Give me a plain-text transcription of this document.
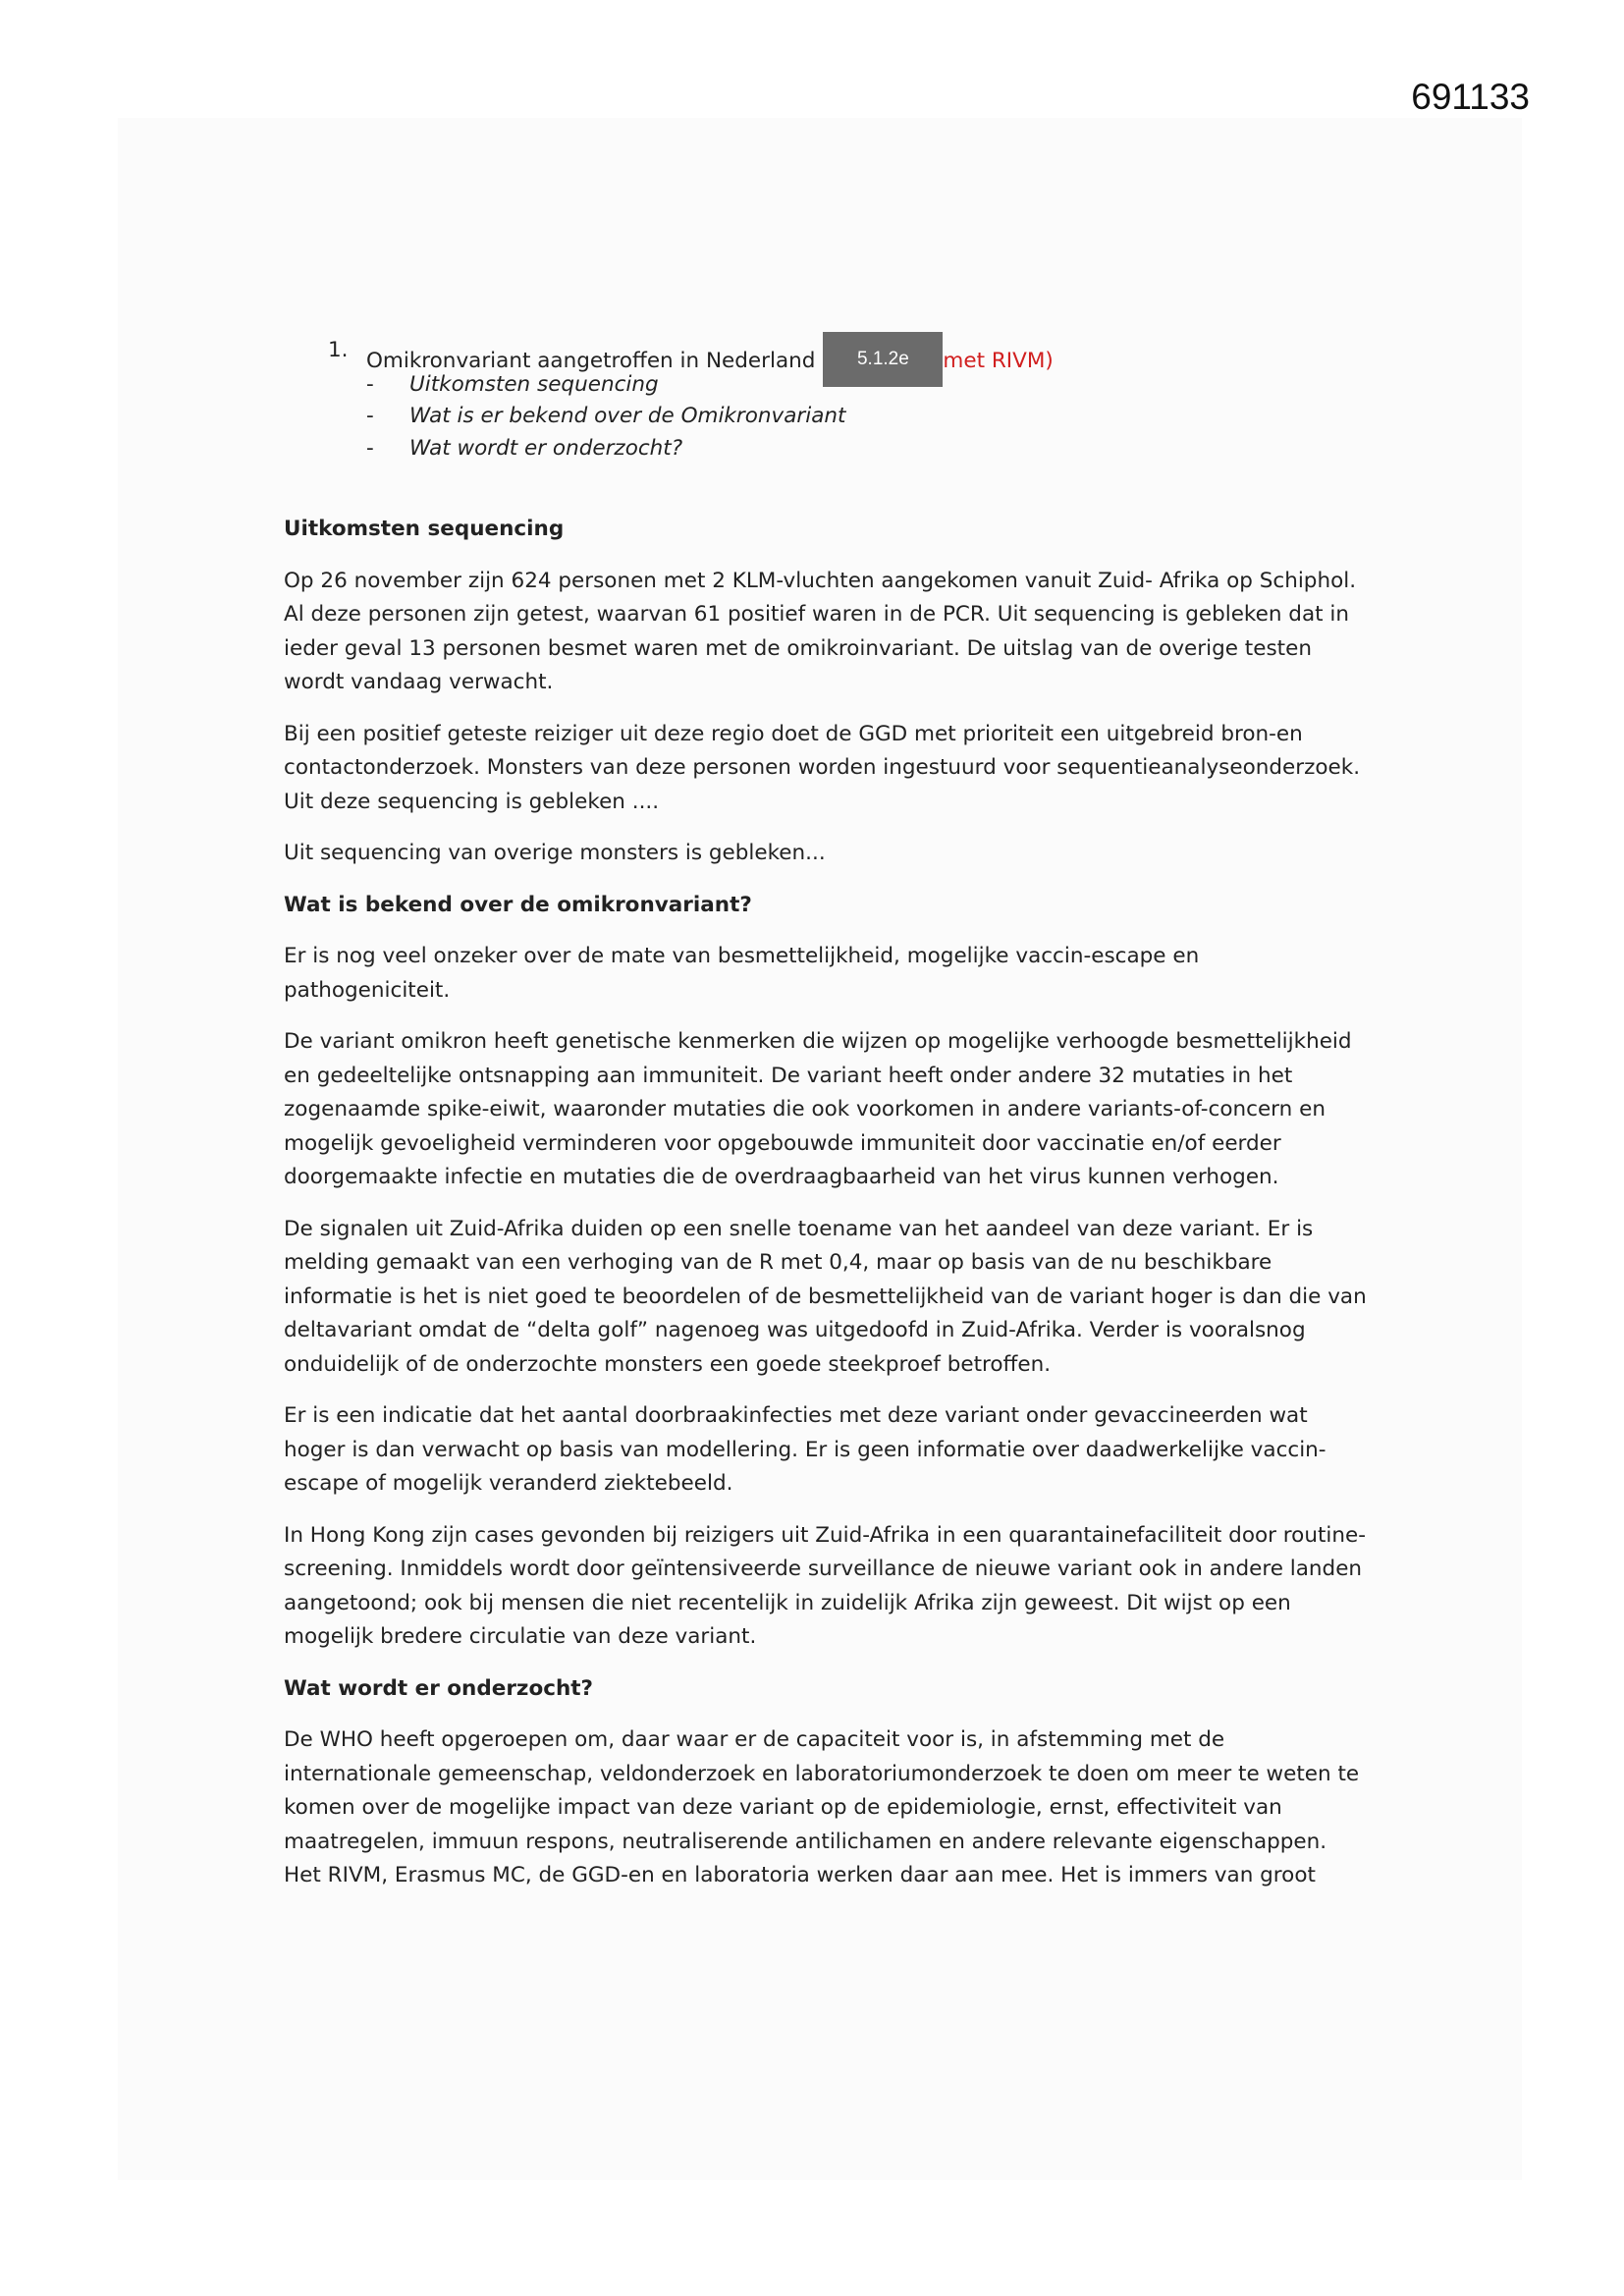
691133
1. Omikronvariant aangetroffen in Nederland 5.1.2e met RIVM)
- Uitkomsten sequencing
- Wat is er bekend over de Omikronvariant
- Wat wordt er onderzocht?
Uitkomsten sequencing

Op 26 november zijn 624 personen met 2 KLM-vluchten aangekomen vanuit Zuid- Afrika op Schiphol. Al deze personen zijn getest, waarvan 61 positief waren in de PCR. Uit sequencing is gebleken dat in ieder geval 13 personen besmet waren met de omikroinvariant. De uitslag van de overige testen wordt vandaag verwacht.

Bij een positief geteste reiziger uit deze regio doet de GGD met prioriteit een uitgebreid bron-en contactonderzoek. Monsters van deze personen worden ingestuurd voor sequentieanalyseonderzoek. Uit deze sequencing is gebleken ....

Uit sequencing van overige monsters is gebleken...

Wat is bekend over de omikronvariant?

Er is nog veel onzeker over de mate van besmettelijkheid, mogelijke vaccin-escape en pathogeniciteit.

De variant omikron heeft genetische kenmerken die wijzen op mogelijke verhoogde besmettelijkheid en gedeeltelijke ontsnapping aan immuniteit. De variant heeft onder andere 32 mutaties in het zogenaamde spike-eiwit, waaronder mutaties die ook voorkomen in andere variants-of-concern en mogelijk gevoeligheid verminderen voor opgebouwde immuniteit door vaccinatie en/of eerder doorgemaakte infectie en mutaties die de overdraagbaarheid van het virus kunnen verhogen.

De signalen uit Zuid-Afrika duiden op een snelle toename van het aandeel van deze variant. Er is melding gemaakt van een verhoging van de R met 0,4, maar op basis van de nu beschikbare informatie is het is niet goed te beoordelen of de besmettelijkheid van de variant hoger is dan die van deltavariant omdat de “delta golf” nagenoeg was uitgedoofd in Zuid-Afrika. Verder is vooralsnog onduidelijk of de onderzochte monsters een goede steekproef betroffen.

Er is een indicatie dat het aantal doorbraakinfecties met deze variant onder gevaccineerden wat hoger is dan verwacht op basis van modellering. Er is geen informatie over daadwerkelijke vaccin-escape of mogelijk veranderd ziektebeeld.

In Hong Kong zijn cases gevonden bij reizigers uit Zuid-Afrika in een quarantainefaciliteit door routine-screening. Inmiddels wordt door geïntensiveerde surveillance de nieuwe variant ook in andere landen aangetoond; ook bij mensen die niet recentelijk in zuidelijk Afrika zijn geweest. Dit wijst op een mogelijk bredere circulatie van deze variant.

Wat wordt er onderzocht?

De WHO heeft opgeroepen om, daar waar er de capaciteit voor is, in afstemming met de internationale gemeenschap, veldonderzoek en laboratoriumonderzoek te doen om meer te weten te komen over de mogelijke impact van deze variant op de epidemiologie, ernst, effectiviteit van maatregelen, immuun respons, neutraliserende antilichamen en andere relevante eigenschappen. Het RIVM, Erasmus MC, de GGD-en en laboratoria werken daar aan mee. Het is immers van groot
